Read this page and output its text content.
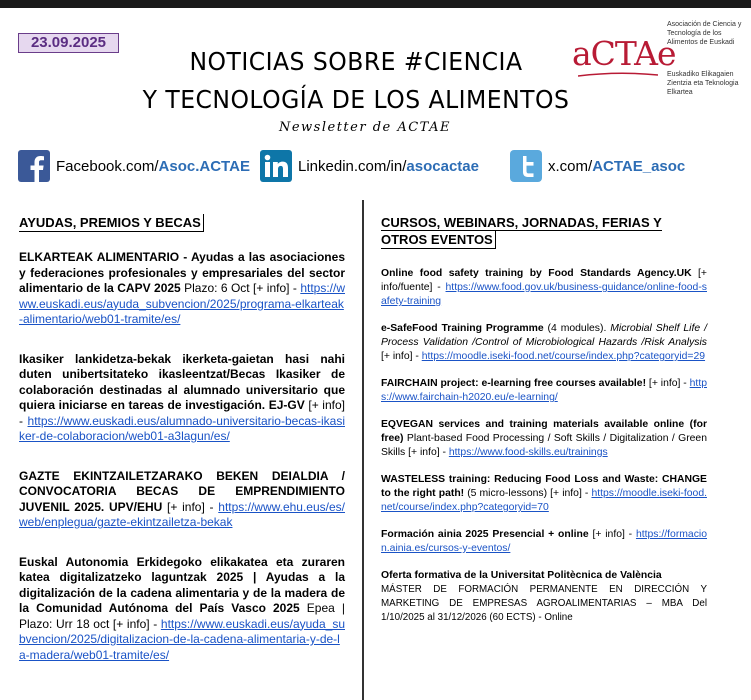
23.09.2025
NOTICIAS SOBRE #CIENCIA
Y TECNOLOGÍA DE LOS ALIMENTOS
Newsletter de ACTAE
aCTAe
Asociación de Ciencia y Tecnología de los Alimentos de Euskadi
Euskadiko Elikagaien Zientzia eta Teknologia Elkartea
Facebook.com/Asoc.ACTAE	Linkedin.com/in/asocactae	x.com/ACTAE_asoc
AYUDAS, PREMIOS Y BECAS
ELKARTEAK ALIMENTARIO - Ayudas a las asociaciones y federaciones profesionales y empresariales del sector alimentario de la CAPV 2025 Plazo: 6 Oct [+ info] - https://www.euskadi.eus/ayuda_subvencion/2025/programa-elkarteak-alimentario/web01-tramite/es/
Ikasiker lankidetza-bekak ikerketa-gaietan hasi nahi duten unibertsitateko ikasleentzat/Becas Ikasiker de colaboración destinadas al alumnado universitario que quiera iniciarse en tareas de investigación. EJ-GV [+ info] - https://www.euskadi.eus/alumnado-universitario-becas-ikasiker-de-colaboracion/web01-a3lagun/es/
GAZTE EKINTZAILETZARAKO BEKEN DEIALDIA / CONVOCATORIA BECAS DE EMPRENDIMIENTO JUVENIL 2025. UPV/EHU [+ info] - https://www.ehu.eus/es/web/enplegua/gazte-ekintzailetza-bekak
Euskal Autonomia Erkidegoko elikakatea eta zuraren katea digitalizatzeko laguntzak 2025 | Ayudas a la digitalización de la cadena alimentaria y de la madera de la Comunidad Autónoma del País Vasco 2025 Epea | Plazo: Urr 18 oct [+ info] - https://www.euskadi.eus/ayuda_subvencion/2025/digitalizacion-de-la-cadena-alimentaria-y-de-la-madera/web01-tramite/es/
CURSOS, WEBINARS, JORNADAS, FERIAS Y
OTROS EVENTOS
Online food safety training by Food Standards Agency.UK [+ info/fuente] - https://www.food.gov.uk/business-guidance/online-food-safety-training
e-SafeFood Training Programme (4 modules). Microbial Shelf Life / Process Validation /Control of Microbiological Hazards /Risk Analysis [+ info] - https://moodle.iseki-food.net/course/index.php?categoryid=29
FAIRCHAIN project: e-learning free courses available! [+ info] - https://www.fairchain-h2020.eu/e-learning/
EQVEGAN services and training materials available online (for free) Plant-based Food Processing / Soft Skills / Digitalization / Green Skills [+ info] - https://www.food-skills.eu/trainings
WASTELESS training: Reducing Food Loss and Waste: CHANGE to the right path! (5 micro-lessons) [+ info] - https://moodle.iseki-food.net/course/index.php?categoryid=70
Formación ainia 2025 Presencial + online [+ info] - https://formacion.ainia.es/cursos-y-eventos/
Oferta formativa de la Universitat Politècnica de València
MÁSTER DE FORMACIÓN PERMANENTE EN DIRECCIÓN Y MARKETING DE EMPRESAS AGROALIMENTARIAS – MBA Del 1/10/2025 al 31/12/2026 (60 ECTS) - Online
